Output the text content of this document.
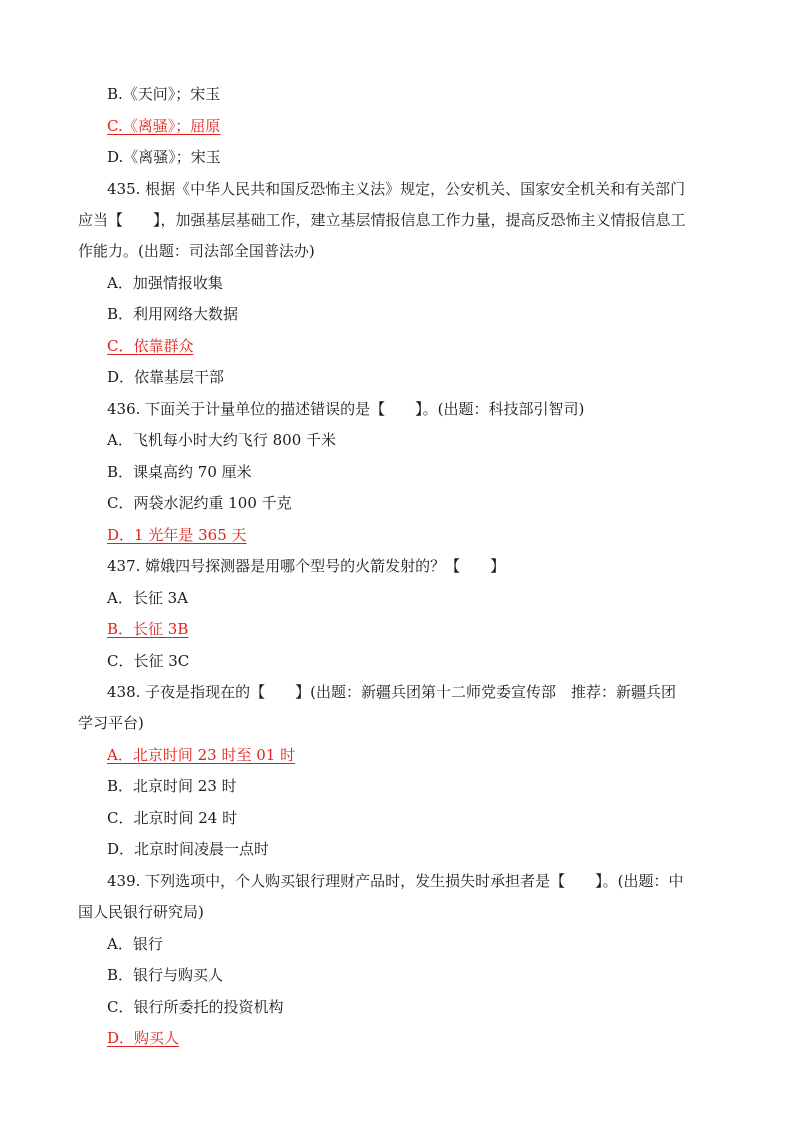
B.《天问》；宋玉
C.《离骚》；屈原
D.《离骚》；宋玉
435. 根据《中华人民共和国反恐怖主义法》规定，公安机关、国家安全机关和有关部门
应当【　　】，加强基层基础工作，建立基层情报信息工作力量，提高反恐怖主义情报信息工
作能力。(出题：司法部全国普法办)
A．加强情报收集
B．利用网络大数据
C．依靠群众
D．依靠基层干部
436. 下面关于计量单位的描述错误的是【　　】。(出题：科技部引智司)
A．飞机每小时大约飞行 800 千米
B．课桌高约 70 厘米
C．两袋水泥约重 100 千克
D．1 光年是 365 天
437. 嫦娥四号探测器是用哪个型号的火箭发射的？【　　】
A．长征 3A
B．长征 3B
C．长征 3C
438. 子夜是指现在的【　　】(出题：新疆兵团第十二师党委宣传部　推荐：新疆兵团
学习平台)
A．北京时间 23 时至 01 时
B．北京时间 23 时
C．北京时间 24 时
D．北京时间凌晨一点时
439. 下列选项中，个人购买银行理财产品时，发生损失时承担者是【　　】。(出题：中
国人民银行研究局)
A．银行
B．银行与购买人
C．银行所委托的投资机构
D．购买人
